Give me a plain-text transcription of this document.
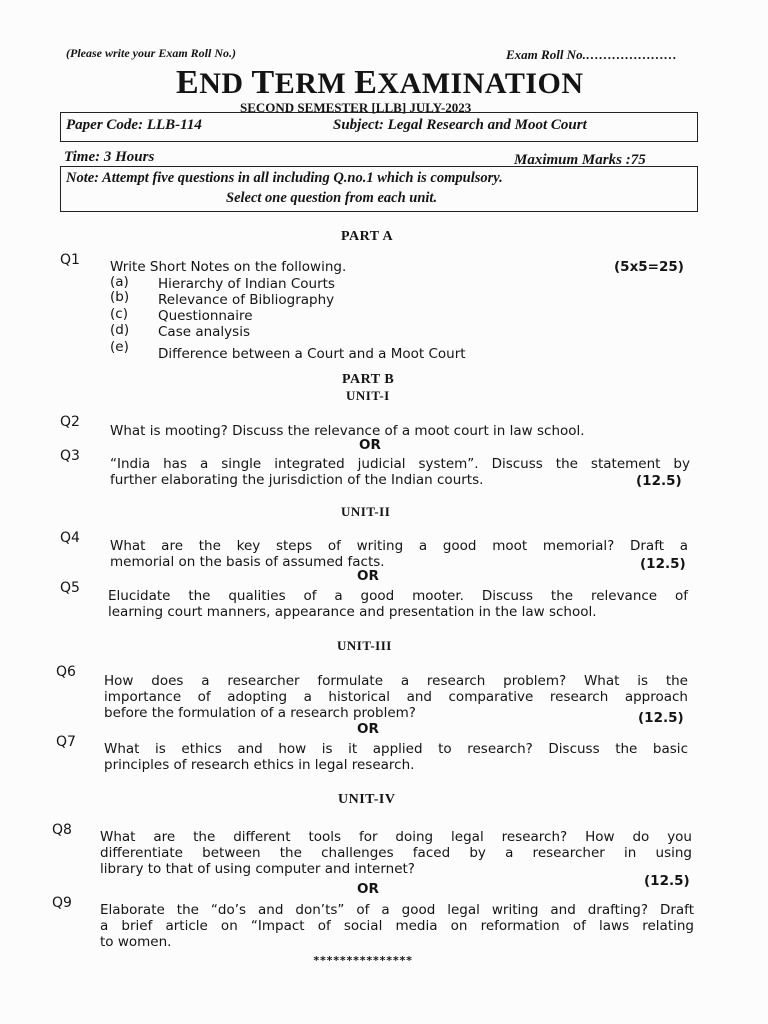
(Please write your Exam Roll No.)	Exam Roll No.…………………
END TERM EXAMINATION
SECOND SEMESTER [LLB] JULY-2023
Paper Code: LLB-114	Subject: Legal Research and Moot Court
Time: 3 Hours	Maximum Marks :75
Note: Attempt five questions in all including Q.no.1 which is compulsory.
Select one question from each unit.
PART A
Q1 Write Short Notes on the following.	(5x5=25)
(a) Hierarchy of Indian Courts
(b) Relevance of Bibliography
(c) Questionnaire
(d) Case analysis
(e) Difference between a Court and a Moot Court
PART B
UNIT-I
Q2
What is mooting? Discuss the relevance of a moot court in law school.
OR
Q3 “India has a single integrated judicial system”. Discuss the statement by
further elaborating the jurisdiction of the Indian courts.	(12.5)
UNIT-II
Q4 What are the key steps of writing a good moot memorial? Draft a
memorial on the basis of assumed facts.	(12.5)
OR
Q5 Elucidate the qualities of a good mooter. Discuss the relevance of
learning court manners, appearance and presentation in the law school.
UNIT-III
Q6
How does a researcher formulate a research problem? What is the
importance of adopting a historical and comparative research approach
before the formulation of a research problem?	(12.5)
OR
Q7 What is ethics and how is it applied to research? Discuss the basic
principles of research ethics in legal research.
UNIT-IV
Q8 What are the different tools for doing legal research? How do you
differentiate between the challenges faced by a researcher in using
library to that of using computer and internet?
(12.5)
OR
Q9 Elaborate the “do’s and don’ts” of a good legal writing and drafting? Draft
a brief article on “Impact of social media on reformation of laws relating
to women.
***************
